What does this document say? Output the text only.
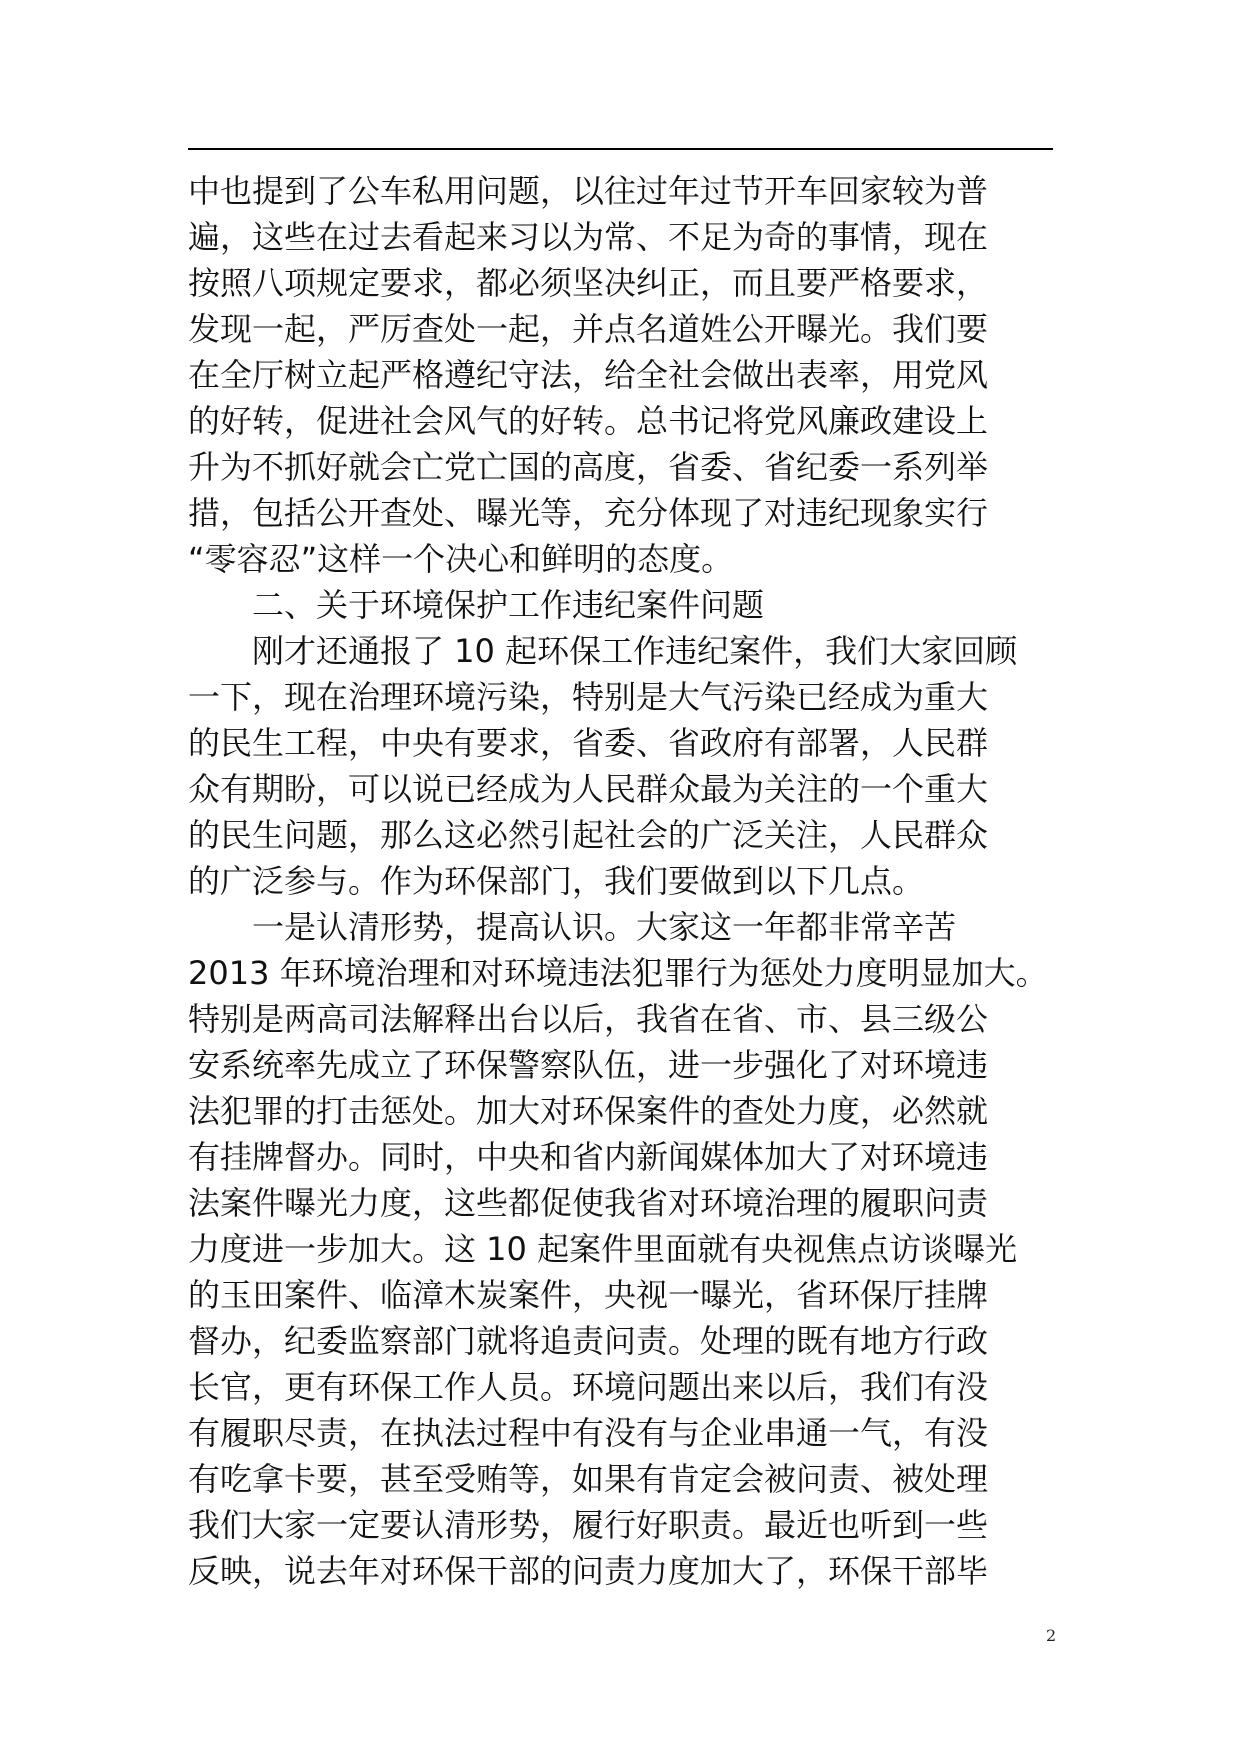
中也提到了公车私用问题，以往过年过节开车回家较为普
遍，这些在过去看起来习以为常、不足为奇的事情，现在
按照八项规定要求，都必须坚决纠正，而且要严格要求，
发现一起，严厉查处一起，并点名道姓公开曝光。我们要
在全厅树立起严格遵纪守法，给全社会做出表率，用党风
的好转，促进社会风气的好转。总书记将党风廉政建设上
升为不抓好就会亡党亡国的高度，省委、省纪委一系列举
措，包括公开查处、曝光等，充分体现了对违纪现象实行
“零容忍”这样一个决心和鲜明的态度。
二、关于环境保护工作违纪案件问题
刚才还通报了 10 起环保工作违纪案件，我们大家回顾
一下，现在治理环境污染，特别是大气污染已经成为重大
的民生工程，中央有要求，省委、省政府有部署，人民群
众有期盼，可以说已经成为人民群众最为关注的一个重大
的民生问题，那么这必然引起社会的广泛关注，人民群众
的广泛参与。作为环保部门，我们要做到以下几点。
一是认清形势，提高认识。大家这一年都非常辛苦
2013 年环境治理和对环境违法犯罪行为惩处力度明显加大。
特别是两高司法解释出台以后，我省在省、市、县三级公
安系统率先成立了环保警察队伍，进一步强化了对环境违
法犯罪的打击惩处。加大对环保案件的查处力度，必然就
有挂牌督办。同时，中央和省内新闻媒体加大了对环境违
法案件曝光力度，这些都促使我省对环境治理的履职问责
力度进一步加大。这 10 起案件里面就有央视焦点访谈曝光
的玉田案件、临漳木炭案件，央视一曝光，省环保厅挂牌
督办，纪委监察部门就将追责问责。处理的既有地方行政
长官，更有环保工作人员。环境问题出来以后，我们有没
有履职尽责，在执法过程中有没有与企业串通一气，有没
有吃拿卡要，甚至受贿等，如果有肯定会被问责、被处理
我们大家一定要认清形势，履行好职责。最近也听到一些
反映，说去年对环保干部的问责力度加大了，环保干部毕
2
